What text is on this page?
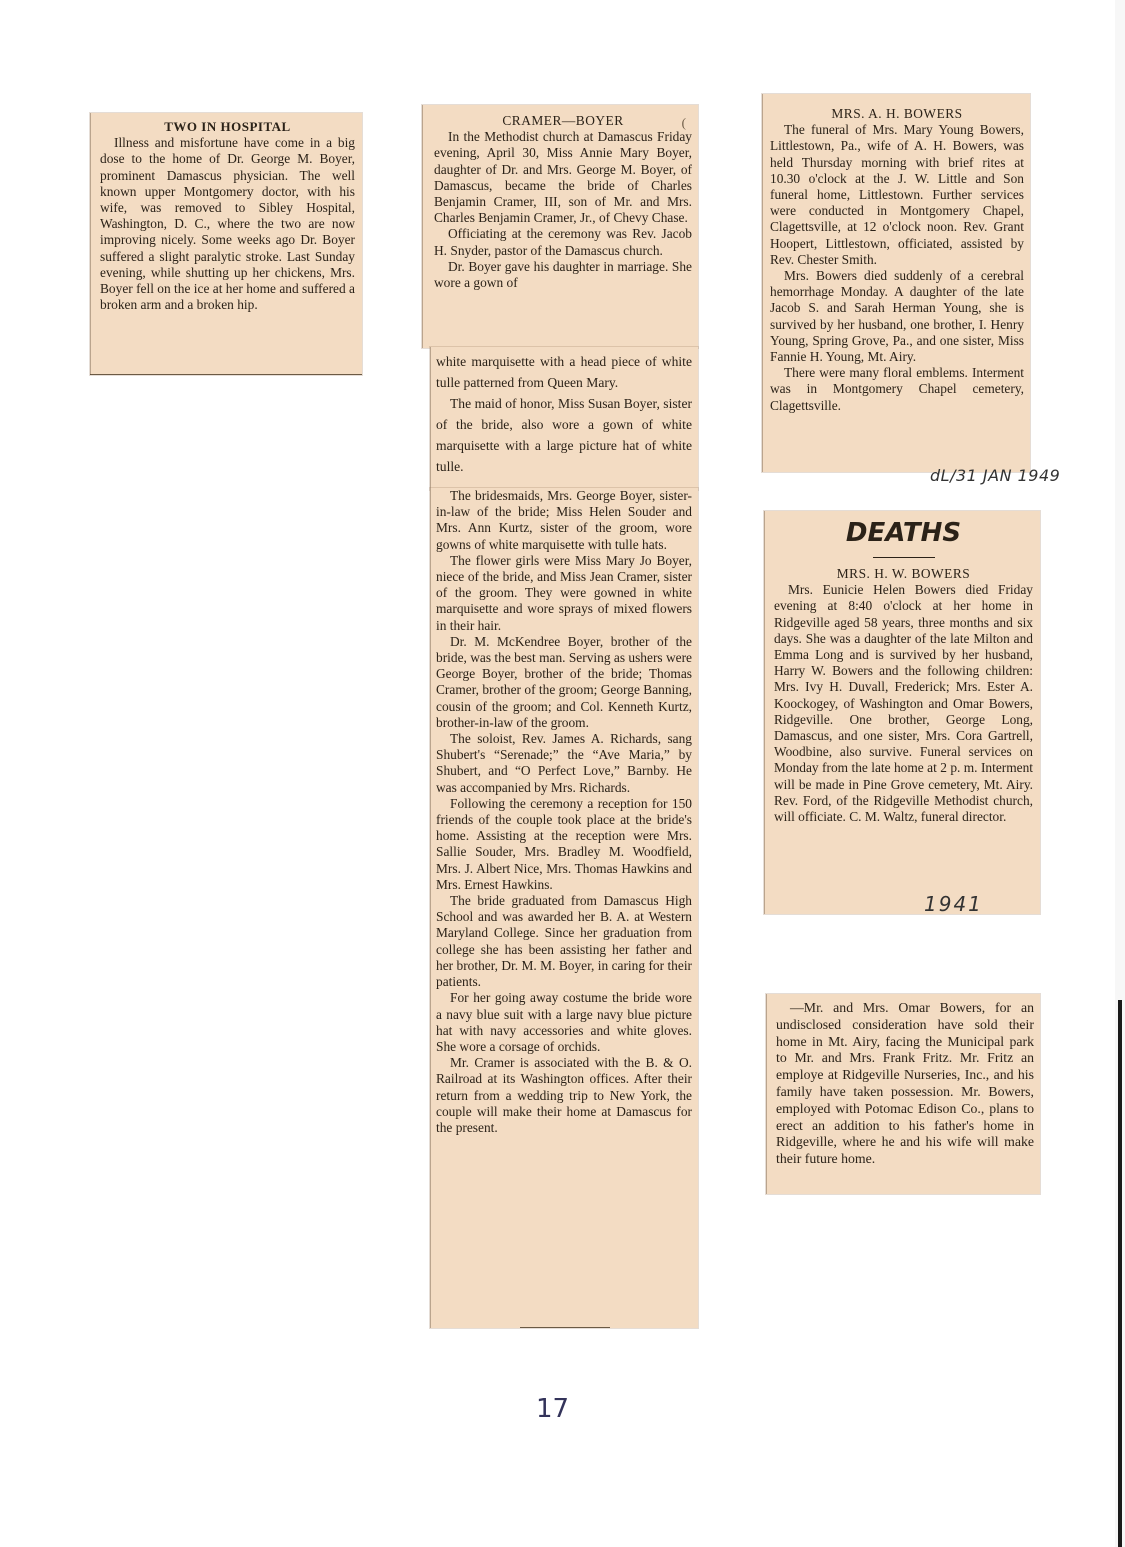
TWO IN HOSPITAL

Illness and misfortune have come in a big dose to the home of Dr. George M. Boyer, prominent Damascus physician. The well known upper Montgomery doctor, with his wife, was removed to Sibley Hospital, Washington, D. C., where the two are now improving nicely. Some weeks ago Dr. Boyer suffered a slight paralytic stroke. Last Sunday evening, while shutting up her chickens, Mrs. Boyer fell on the ice at her home and suffered a broken arm and a broken hip.

(

CRAMER—BOYER

In the Methodist church at Damascus Friday evening, April 30, Miss Annie Mary Boyer, daughter of Dr. and Mrs. George M. Boyer, of Damascus, became the bride of Charles Benjamin Cramer, III, son of Mr. and Mrs. Charles Benjamin Cramer, Jr., of Chevy Chase.

Officiating at the ceremony was Rev. Jacob H. Snyder, pastor of the Damascus church.

Dr. Boyer gave his daughter in marriage. She wore a gown of

white marquisette with a head piece of white tulle patterned from Queen Mary.

The maid of honor, Miss Susan Boyer, sister of the bride, also wore a gown of white marquisette with a large picture hat of white tulle.

The bridesmaids, Mrs. George Boyer, sister-in-law of the bride; Miss Helen Souder and Mrs. Ann Kurtz, sister of the groom, wore gowns of white marquisette with tulle hats.

The flower girls were Miss Mary Jo Boyer, niece of the bride, and Miss Jean Cramer, sister of the groom. They were gowned in white marquisette and wore sprays of mixed flowers in their hair.

Dr. M. McKendree Boyer, brother of the bride, was the best man. Serving as ushers were George Boyer, brother of the bride; Thomas Cramer, brother of the groom; George Banning, cousin of the groom; and Col. Kenneth Kurtz, brother-in-law of the groom.

The soloist, Rev. James A. Richards, sang Shubert's “Serenade;” the “Ave Maria,” by Shubert, and “O Perfect Love,” Barnby. He was accompanied by Mrs. Richards.

Following the ceremony a reception for 150 friends of the couple took place at the bride's home. Assisting at the reception were Mrs. Sallie Souder, Mrs. Bradley M. Woodfield, Mrs. J. Albert Nice, Mrs. Thomas Hawkins and Mrs. Ernest Hawkins.

The bride graduated from Damascus High School and was awarded her B. A. at Western Maryland College. Since her graduation from college she has been assisting her father and her brother, Dr. M. M. Boyer, in caring for their patients.

For her going away costume the bride wore a navy blue suit with a large navy blue picture hat with navy accessories and white gloves. She wore a corsage of orchids.

Mr. Cramer is associated with the B. & O. Railroad at its Washington offices. After their return from a wedding trip to New York, the couple will make their home at Damascus for the present.

MRS. A. H. BOWERS

The funeral of Mrs. Mary Young Bowers, Littlestown, Pa., wife of A. H. Bowers, was held Thursday morning with brief rites at 10.30 o'clock at the J. W. Little and Son funeral home, Littlestown. Further services were conducted in Montgomery Chapel, Clagettsville, at 12 o'clock noon. Rev. Grant Hoopert, Littlestown, officiated, assisted by Rev. Chester Smith.

Mrs. Bowers died suddenly of a cerebral hemorrhage Monday. A daughter of the late Jacob S. and Sarah Herman Young, she is survived by her husband, one brother, I. Henry Young, Spring Grove, Pa., and one sister, Miss Fannie H. Young, Mt. Airy.

There were many floral emblems. Interment was in Montgomery Chapel cemetery, Clagettsville.

dL/31 JAN 1949

DEATHS

MRS. H. W. BOWERS

Mrs. Eunicie Helen Bowers died Friday evening at 8:40 o'clock at her home in Ridgeville aged 58 years, three months and six days. She was a daughter of the late Milton and Emma Long and is survived by her husband, Harry W. Bowers and the following children: Mrs. Ivy H. Duvall, Frederick; Mrs. Ester A. Koockogey, of Washington and Omar Bowers, Ridgeville. One brother, George Long, Damascus, and one sister, Mrs. Cora Gartrell, Woodbine, also survive. Funeral services on Monday from the late home at 2 p. m. Interment will be made in Pine Grove cemetery, Mt. Airy. Rev. Ford, of the Ridgeville Methodist church, will officiate. C. M. Waltz, funeral director.

1941

—Mr. and Mrs. Omar Bowers, for an undisclosed consideration have sold their home in Mt. Airy, facing the Municipal park to Mr. and Mrs. Frank Fritz. Mr. Fritz an employe at Ridgeville Nurseries, Inc., and his family have taken possession. Mr. Bowers, employed with Potomac Edison Co., plans to erect an addition to his father's home in Ridgeville, where he and his wife will make their future home.

17
